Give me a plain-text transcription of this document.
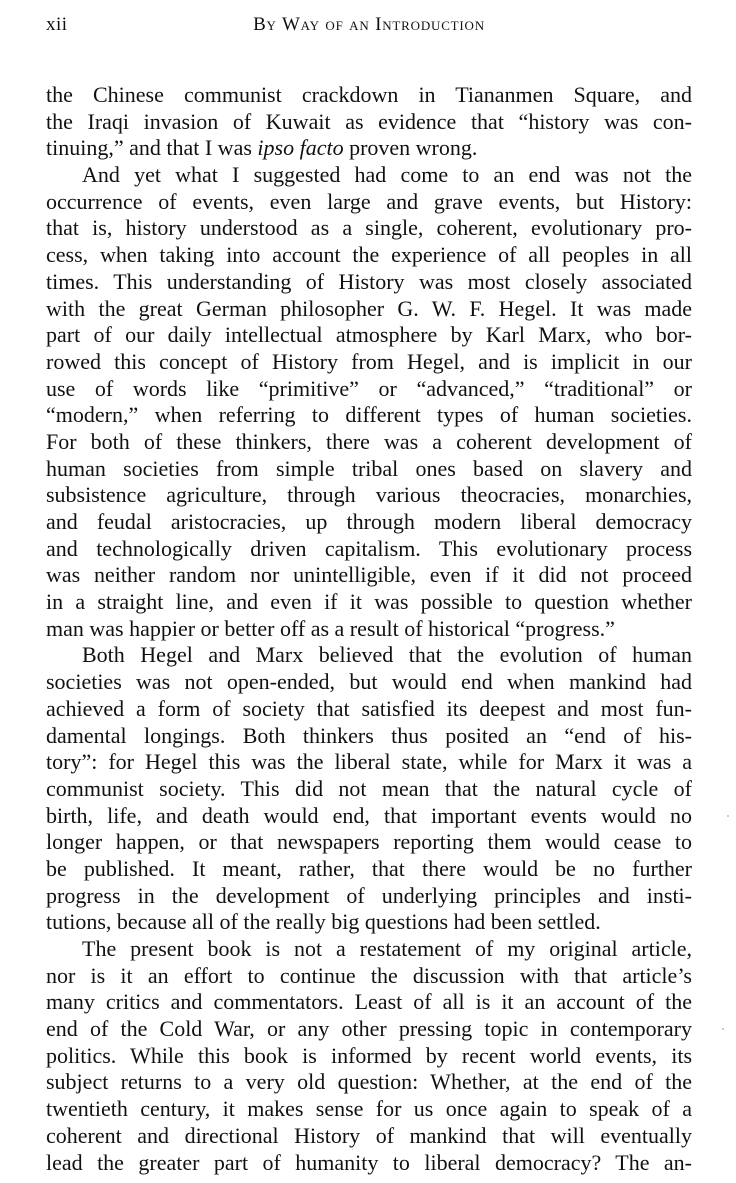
xii	By Way of an Introduction
the Chinese communist crackdown in Tiananmen Square, and
the Iraqi invasion of Kuwait as evidence that “history was con-
tinuing,” and that I was ipso facto proven wrong.
And yet what I suggested had come to an end was not the
occurrence of events, even large and grave events, but History:
that is, history understood as a single, coherent, evolutionary pro-
cess, when taking into account the experience of all peoples in all
times. This understanding of History was most closely associated
with the great German philosopher G. W. F. Hegel. It was made
part of our daily intellectual atmosphere by Karl Marx, who bor-
rowed this concept of History from Hegel, and is implicit in our
use of words like “primitive” or “advanced,” “traditional” or
“modern,” when referring to different types of human societies.
For both of these thinkers, there was a coherent development of
human societies from simple tribal ones based on slavery and
subsistence agriculture, through various theocracies, monarchies,
and feudal aristocracies, up through modern liberal democracy
and technologically driven capitalism. This evolutionary process
was neither random nor unintelligible, even if it did not proceed
in a straight line, and even if it was possible to question whether
man was happier or better off as a result of historical “progress.”
Both Hegel and Marx believed that the evolution of human
societies was not open-ended, but would end when mankind had
achieved a form of society that satisfied its deepest and most fun-
damental longings. Both thinkers thus posited an “end of his-
tory”: for Hegel this was the liberal state, while for Marx it was a
communist society. This did not mean that the natural cycle of
birth, life, and death would end, that important events would no
longer happen, or that newspapers reporting them would cease to
be published. It meant, rather, that there would be no further
progress in the development of underlying principles and insti-
tutions, because all of the really big questions had been settled.
The present book is not a restatement of my original article,
nor is it an effort to continue the discussion with that article’s
many critics and commentators. Least of all is it an account of the
end of the Cold War, or any other pressing topic in contemporary
politics. While this book is informed by recent world events, its
subject returns to a very old question: Whether, at the end of the
twentieth century, it makes sense for us once again to speak of a
coherent and directional History of mankind that will eventually
lead the greater part of humanity to liberal democracy? The an-
